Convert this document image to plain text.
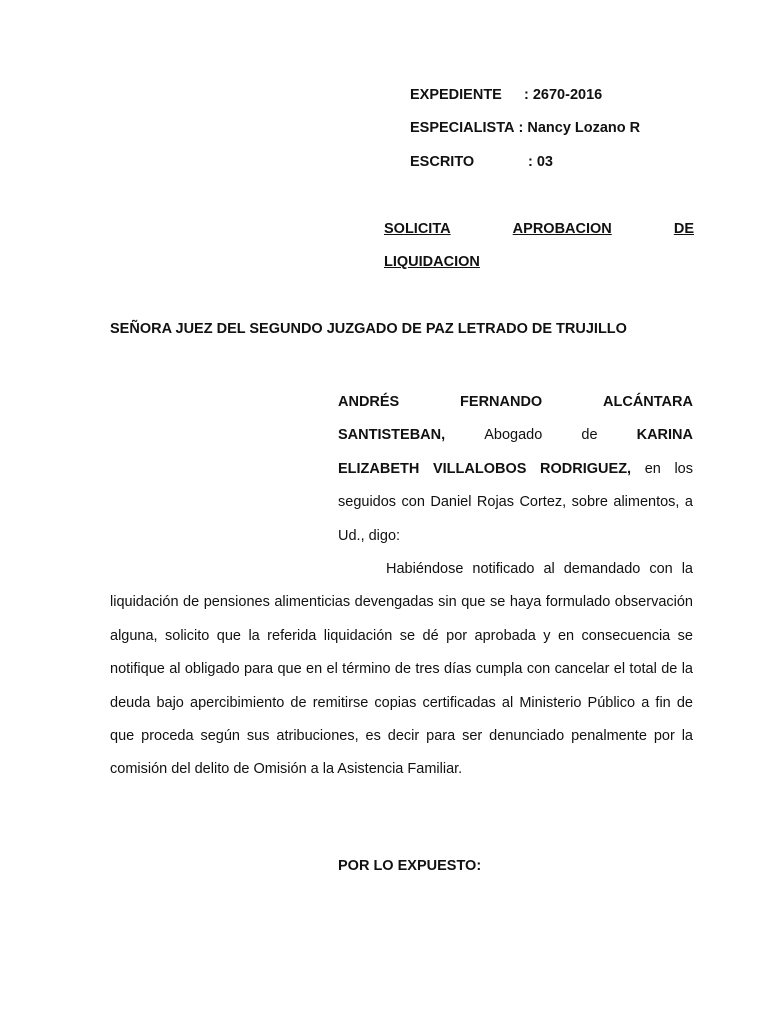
EXPEDIENTE : 2670-2016
ESPECIALISTA : Nancy Lozano R
ESCRITO	: 03
SOLICITA	APROBACION	DE
LIQUIDACION
SEÑORA JUEZ DEL SEGUNDO JUZGADO DE PAZ LETRADO DE TRUJILLO
ANDRÉS	FERNANDO	ALCÁNTARA
SANTISTEBAN,	Abogado	de	KARINA
ELIZABETH VILLALOBOS RODRIGUEZ, en los seguidos con Daniel Rojas Cortez, sobre alimentos, a Ud., digo:
Habiéndose notificado al demandado con la liquidación de pensiones alimenticias devengadas sin que se haya formulado observación alguna, solicito que la referida liquidación se dé por aprobada y en consecuencia se notifique al obligado para que en el término de tres días cumpla con cancelar el total de la deuda bajo apercibimiento de remitirse copias certificadas al Ministerio Público a fin de que proceda según sus atribuciones, es decir para ser denunciado penalmente por la comisión del delito de Omisión a la Asistencia Familiar.
POR LO EXPUESTO:
